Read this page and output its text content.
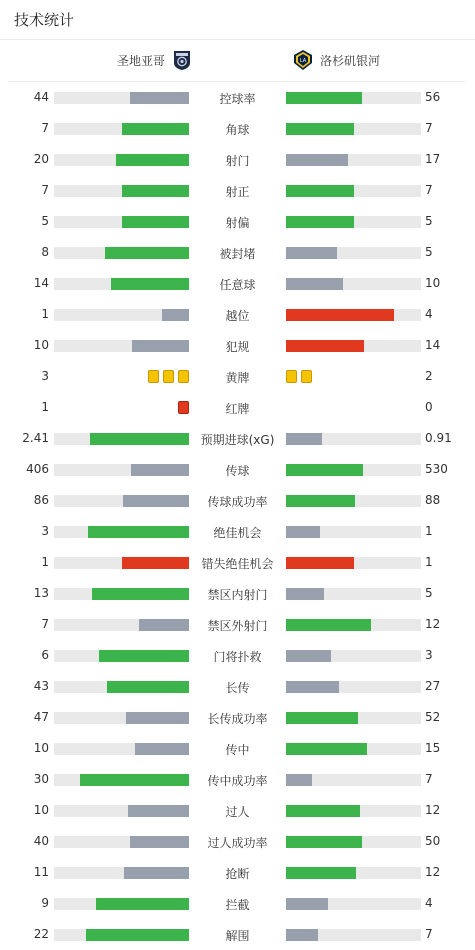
技术统计
圣地亚哥	LA 洛杉矶银河
44	控球率	56
7	角球	7
20	射门	17
7	射正	7
5	射偏	5
8	被封堵	5
14	任意球	10
1	越位	4
10	犯规	14
3	黄牌	2
1	红牌	0
2.41	预期进球(xG)	0.91
406	传球	530
86	传球成功率	88
3	绝佳机会	1
1	错失绝佳机会	1
13	禁区内射门	5
7	禁区外射门	12
6	门将扑救	3
43	长传	27
47	长传成功率	52
10	传中	15
30	传中成功率	7
10	过人	12
40	过人成功率	50
11	抢断	12
9	拦截	4
22	解围	7
